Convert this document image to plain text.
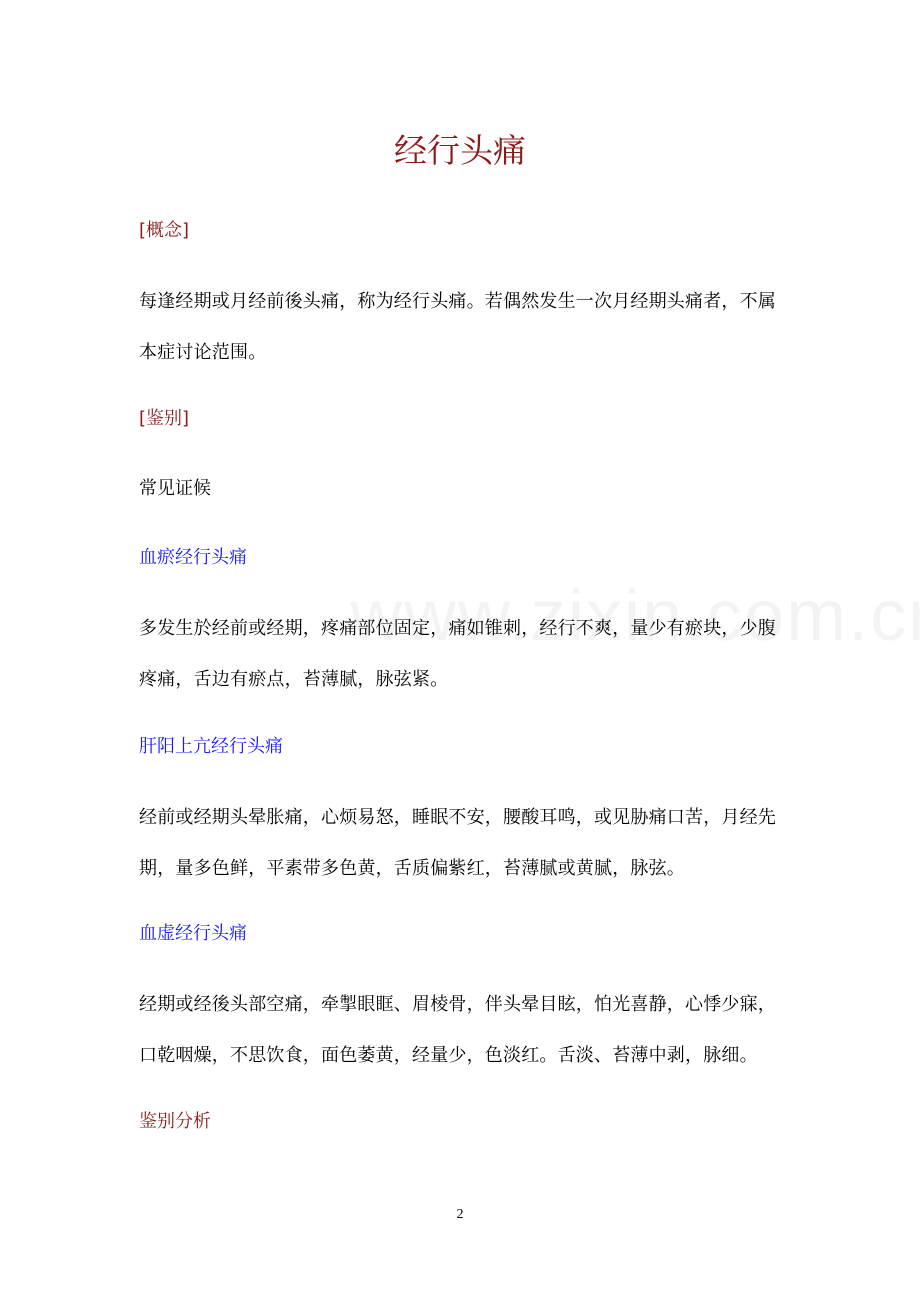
经行头痛

[概念]

每逢经期或月经前後头痛，称为经行头痛。若偶然发生一次月经期头痛者，不属本症讨论范围。

[鉴别]

常见证候

血瘀经行头痛

多发生於经前或经期，疼痛部位固定，痛如锥刺，经行不爽，量少有瘀块，少腹疼痛，舌边有瘀点，苔薄腻，脉弦紧。

肝阳上亢经行头痛

经前或经期头晕胀痛，心烦易怒，睡眠不安，腰酸耳鸣，或见胁痛口苦，月经先期，量多色鲜，平素带多色黄，舌质偏紫红，苔薄腻或黄腻，脉弦。

血虚经行头痛

经期或经後头部空痛，牵掣眼眶、眉棱骨，伴头晕目眩，怕光喜静，心悸少寐，口乾咽燥，不思饮食，面色萎黄，经量少，色淡红。舌淡、苔薄中剥，脉细。

鉴别分析

2
